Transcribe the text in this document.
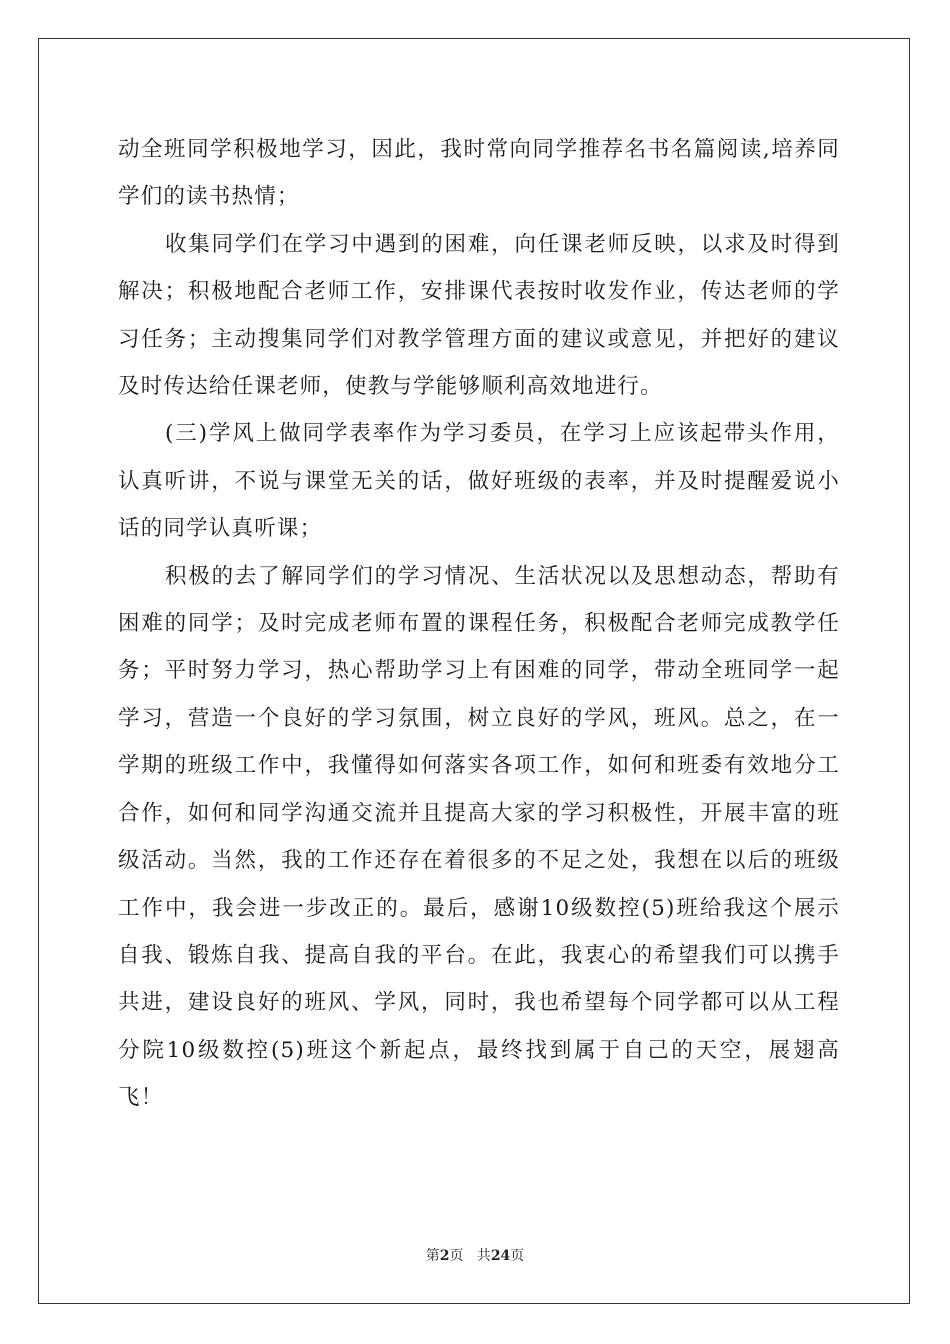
动全班同学积极地学习，因此，我时常向同学推荐名书名篇阅读,培养同学们的读书热情；

收集同学们在学习中遇到的困难，向任课老师反映，以求及时得到解决；积极地配合老师工作，安排课代表按时收发作业，传达老师的学习任务；主动搜集同学们对教学管理方面的建议或意见，并把好的建议及时传达给任课老师，使教与学能够顺利高效地进行。

(三)学风上做同学表率作为学习委员，在学习上应该起带头作用，认真听讲，不说与课堂无关的话，做好班级的表率，并及时提醒爱说小话的同学认真听课；

积极的去了解同学们的学习情况、生活状况以及思想动态，帮助有困难的同学；及时完成老师布置的课程任务，积极配合老师完成教学任务；平时努力学习，热心帮助学习上有困难的同学，带动全班同学一起学习，营造一个良好的学习氛围，树立良好的学风，班风。总之，在一学期的班级工作中，我懂得如何落实各项工作，如何和班委有效地分工合作，如何和同学沟通交流并且提高大家的学习积极性，开展丰富的班级活动。当然，我的工作还存在着很多的不足之处，我想在以后的班级工作中，我会进一步改正的。最后，感谢10级数控(5)班给我这个展示自我、锻炼自我、提高自我的平台。在此，我衷心的希望我们可以携手共进，建设良好的班风、学风，同时，我也希望每个同学都可以从工程分院10级数控(5)班这个新起点，最终找到属于自己的天空，展翅高飞！

第2页 共24页
